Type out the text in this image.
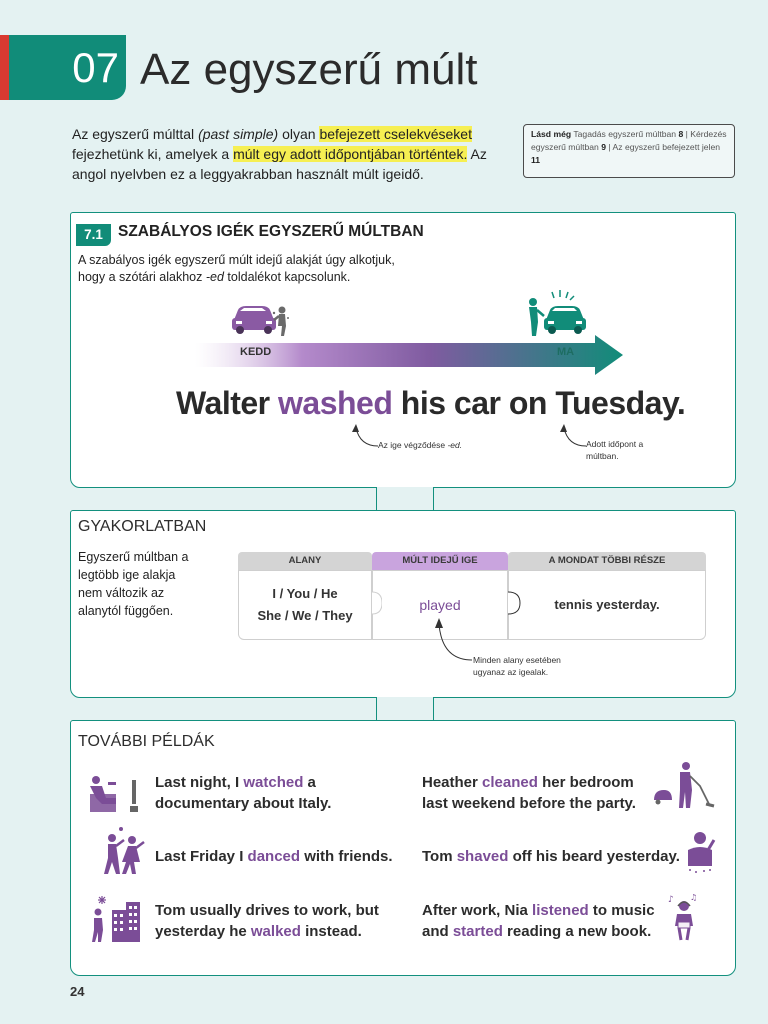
07 Az egyszerű múlt
Az egyszerű múlttal (past simple) olyan befejezett cselekvéseket fejezhetünk ki, amelyek a múlt egy adott időpontjában történtek. Az angol nyelvben ez a leggyakrabban használt múlt igeidő.
Lásd még Tagadás egyszerű múltban 8 | Kérdezés egyszerű múltban 9 | Az egyszerű befejezett jelen 11
7.1 SZABÁLYOS IGÉK EGYSZERŰ MÚLTBAN
A szabályos igék egyszerű múlt idejű alakját úgy alkotjuk, hogy a szótári alakhoz -ed toldalékot kapcsolunk.
KEDD	MA
Walter washed his car on Tuesday.
Az ige végződése -ed.	Adott időpont a múltban.
GYAKORLATBAN
Egyszerű múltban a legtöbb ige alakja nem változik az alanytól függően.
ALANY	MÚLT IDEJŰ IGE	A MONDAT TÖBBI RÉSZE
I / You / He
She / We / They
played	tennis yesterday.
Minden alany esetében ugyanaz az igealak.
TOVÁBBI PÉLDÁK
Last night, I watched a documentary about Italy.
Last Friday I danced with friends.
Tom usually drives to work, but yesterday he walked instead.
Heather cleaned her bedroom last weekend before the party.
Tom shaved off his beard yesterday.
After work, Nia listened to music and started reading a new book.
♪ ♫
24
